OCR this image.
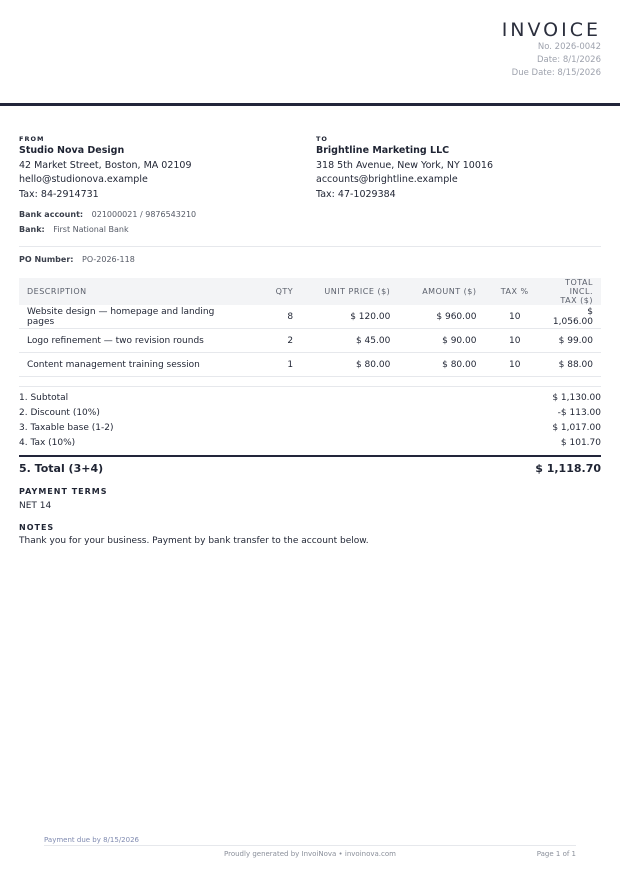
INVOICE
No. 2026-0042
Date: 8/1/2026
Due Date: 8/15/2026
FROM
Studio Nova Design
42 Market Street, Boston, MA 02109
hello@studionova.example
Tax: 84-2914731
TO
Brightline Marketing LLC
318 5th Avenue, New York, NY 10016
accounts@brightline.example
Tax: 47-1029384
Bank account: 021000021 / 9876543210
Bank: First National Bank
PO Number: PO-2026-118
DESCRIPTION	QTY	UNIT PRICE ($)	AMOUNT ($)	TAX %	TOTAL INCL. TAX ($)
Website design — homepage and landing pages	8	$ 120.00	$ 960.00	10	$ 1,056.00
Logo refinement — two revision rounds	2	$ 45.00	$ 90.00	10	$ 99.00
Content management training session	1	$ 80.00	$ 80.00	10	$ 88.00
1. Subtotal	$ 1,130.00
2. Discount (10%)	-$ 113.00
3. Taxable base (1-2)	$ 1,017.00
4. Tax (10%)	$ 101.70
5. Total (3+4)	$ 1,118.70
PAYMENT TERMS
NET 14
NOTES
Thank you for your business. Payment by bank transfer to the account below.
Payment due by 8/15/2026
Proudly generated by InvoiNova • invoinova.com	Page 1 of 1
